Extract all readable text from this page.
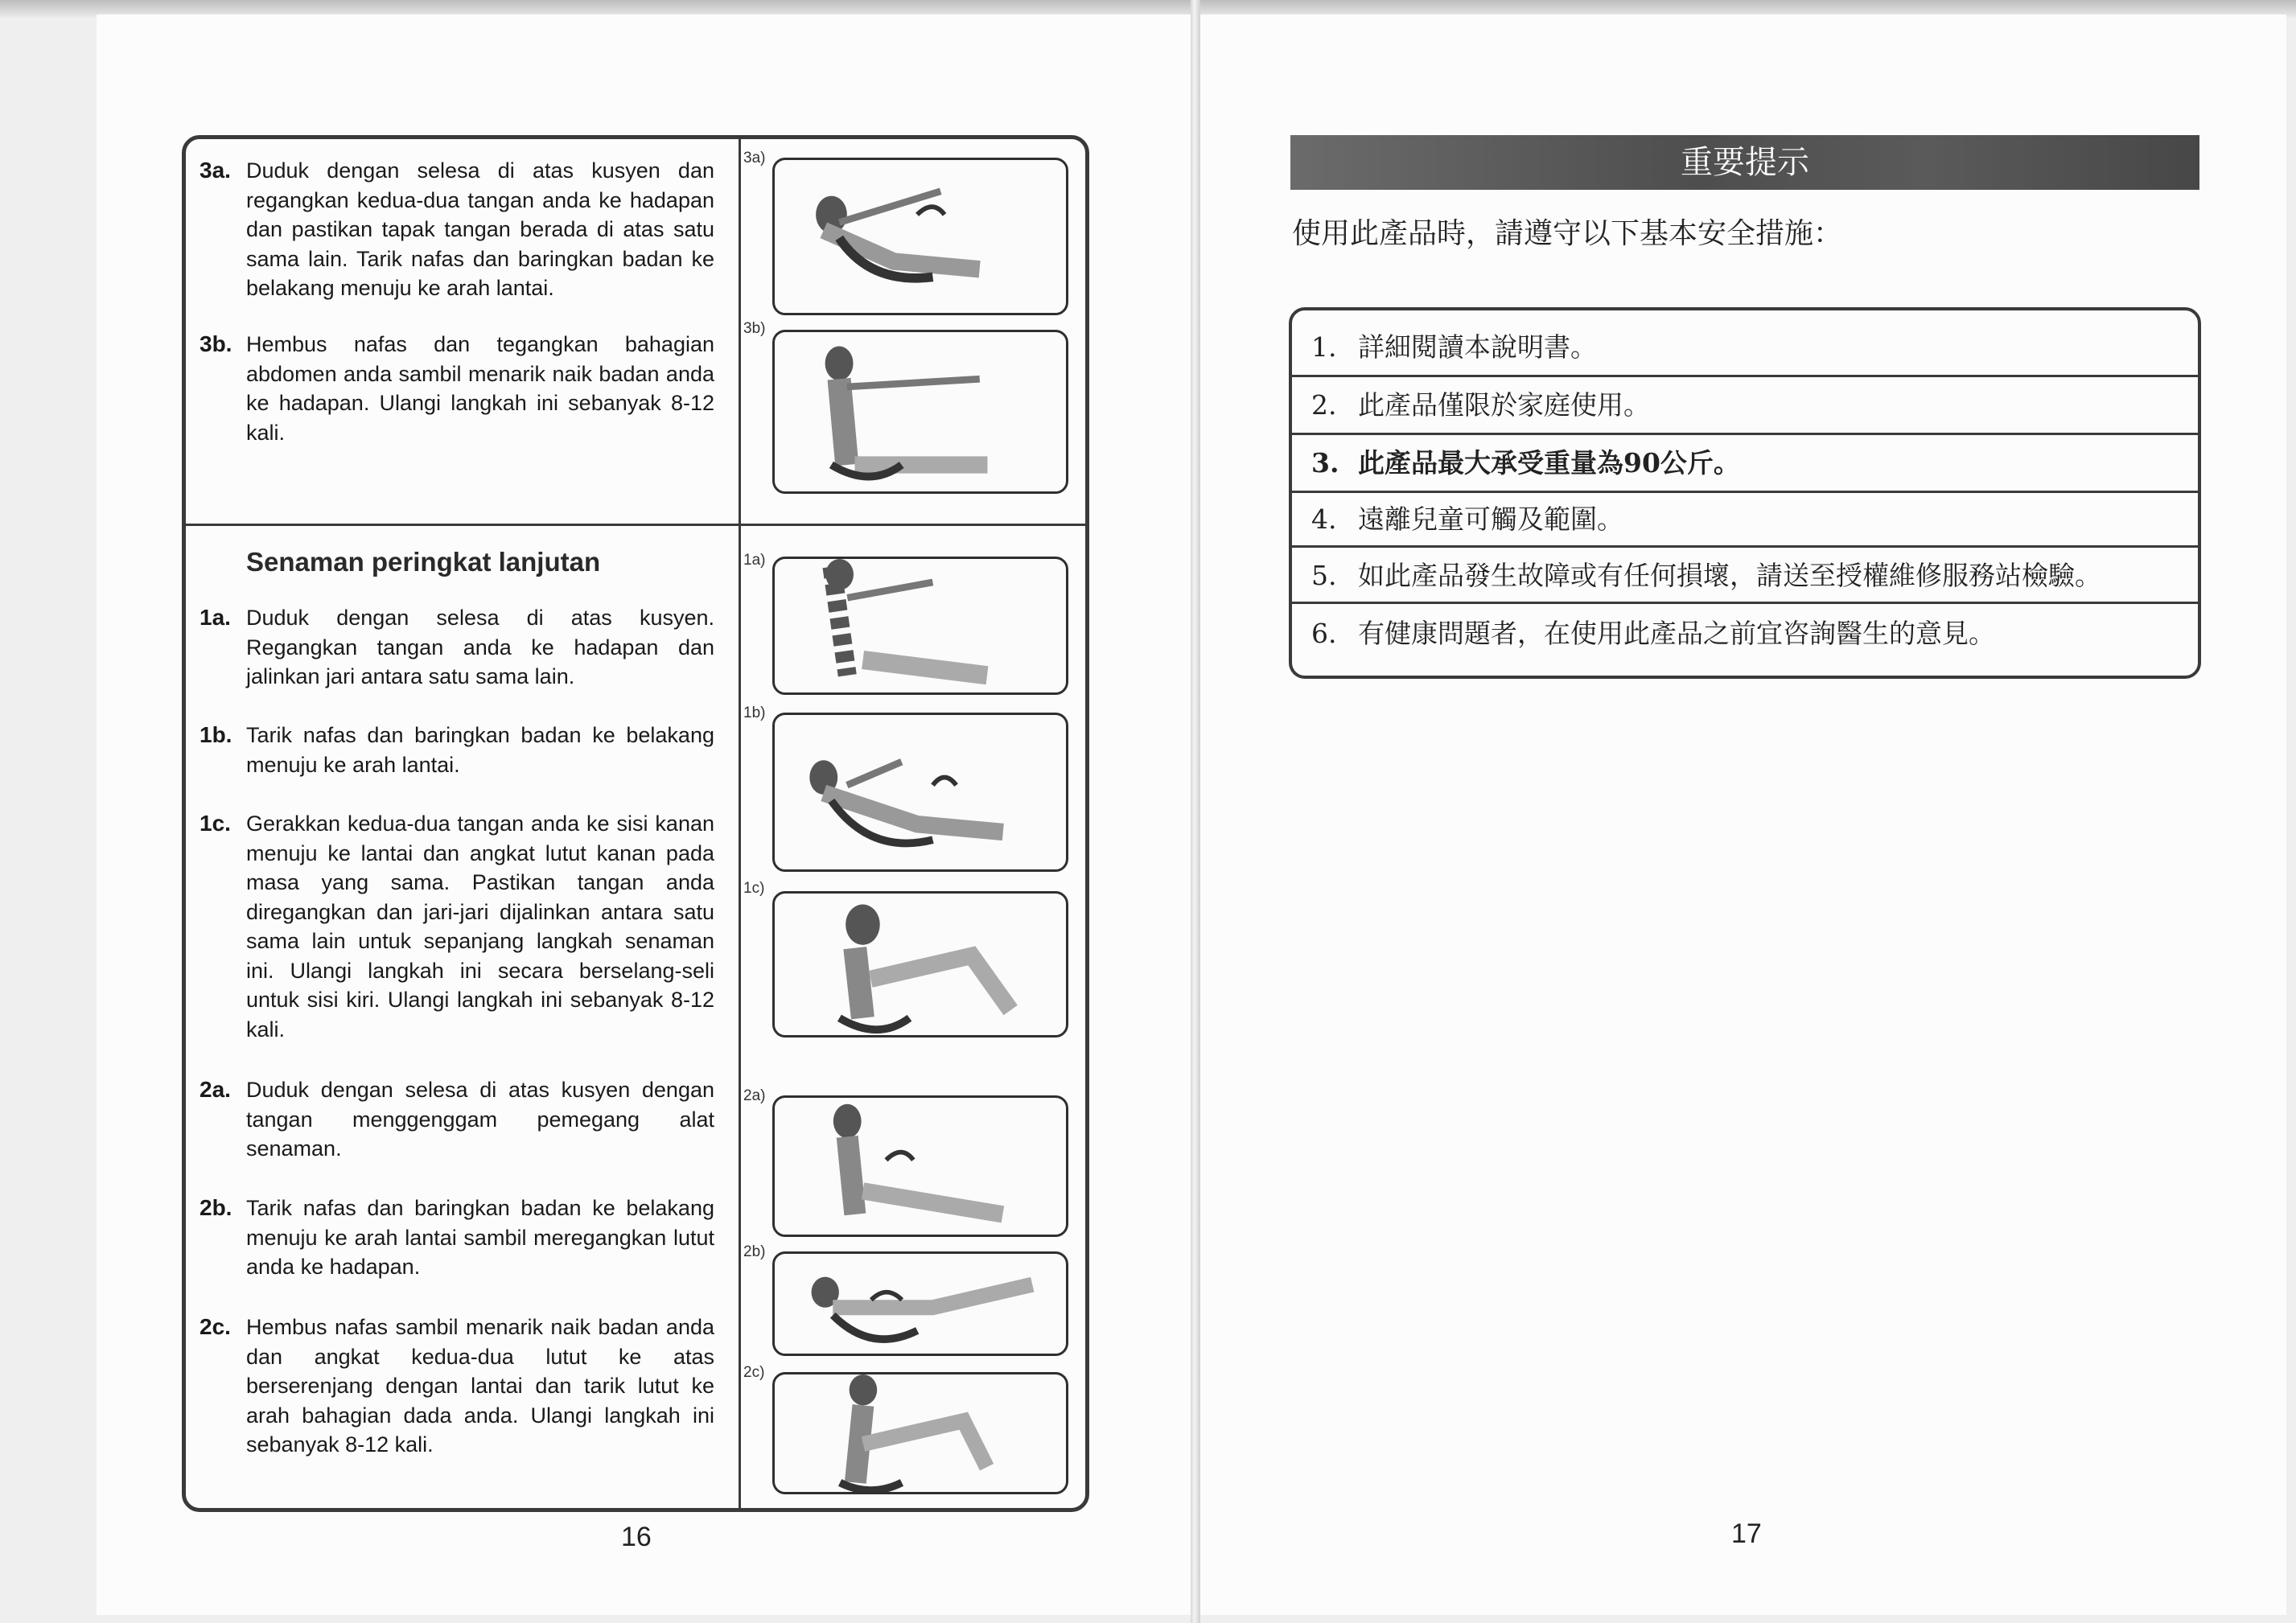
3a. Duduk dengan selesa di atas kusyen dan regangkan kedua-dua tangan anda ke hadapan dan pastikan tapak tangan berada di atas satu sama lain. Tarik nafas dan baringkan badan ke belakang menuju ke arah lantai.
3b. Hembus nafas dan tegangkan bahagian abdomen anda sambil menarik naik badan anda ke hadapan. Ulangi langkah ini sebanyak 8-12 kali.
Senaman peringkat lanjutan
1a. Duduk dengan selesa di atas kusyen. Regangkan tangan anda ke hadapan dan jalinkan jari antara satu sama lain.
1b. Tarik nafas dan baringkan badan ke belakang menuju ke arah lantai.
1c. Gerakkan kedua-dua tangan anda ke sisi kanan menuju ke lantai dan angkat lutut kanan pada masa yang sama. Pastikan tangan anda diregangkan dan jari-jari dijalinkan antara satu sama lain untuk sepanjang langkah senaman ini. Ulangi langkah ini secara berselang-seli untuk sisi kiri. Ulangi langkah ini sebanyak 8-12 kali.
2a. Duduk dengan selesa di atas kusyen dengan tangan menggenggam pemegang alat senaman.
2b. Tarik nafas dan baringkan badan ke belakang menuju ke arah lantai sambil meregangkan lutut anda ke hadapan.
2c. Hembus nafas sambil menarik naik badan anda dan angkat kedua-dua lutut ke atas berserenjang dengan lantai dan tarik lutut ke arah bahagian dada anda. Ulangi langkah ini sebanyak 8-12 kali.
3a)
3b)
1a)
1b)
1c)
2a)
2b)
2c)
16
重要提示
使用此產品時，請遵守以下基本安全措施：
1. 詳細閱讀本說明書。
2. 此產品僅限於家庭使用。
3. 此產品最大承受重量為90公斤。
4. 遠離兒童可觸及範圍。
5. 如此產品發生故障或有任何損壞，請送至授權維修服務站檢驗。
6. 有健康問題者，在使用此產品之前宜咨詢醫生的意見。
17
